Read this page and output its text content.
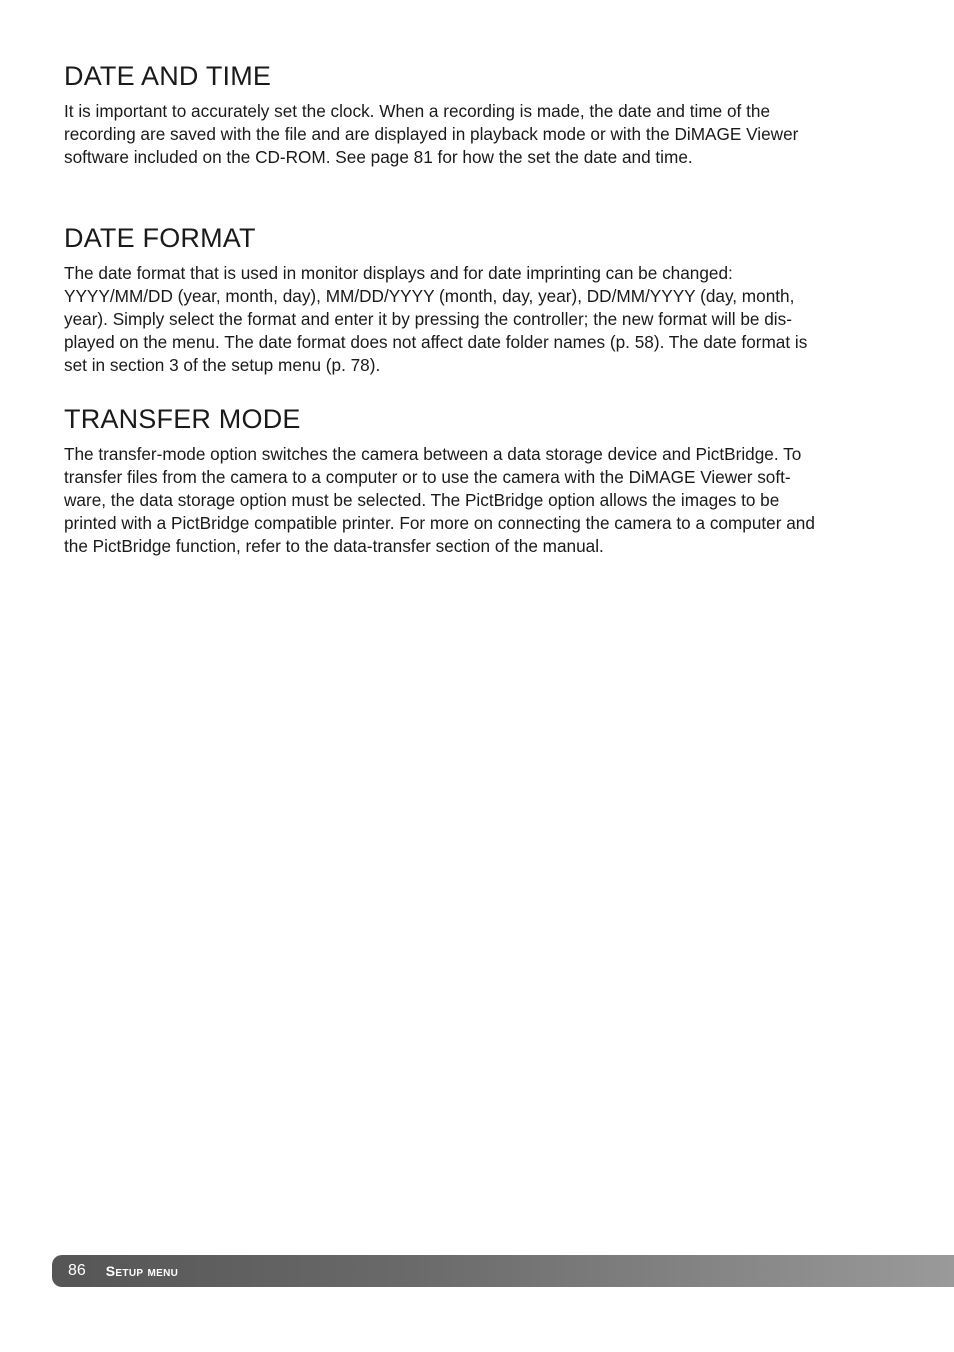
DATE AND TIME

It is important to accurately set the clock. When a recording is made, the date and time of the
recording are saved with the file and are displayed in playback mode or with the DiMAGE Viewer
software included on the CD-ROM. See page 81 for how the set the date and time.

DATE FORMAT

The date format that is used in monitor displays and for date imprinting can be changed:
YYYY/MM/DD (year, month, day), MM/DD/YYYY (month, day, year), DD/MM/YYYY (day, month,
year). Simply select the format and enter it by pressing the controller; the new format will be dis-
played on the menu. The date format does not affect date folder names (p. 58). The date format is
set in section 3 of the setup menu (p. 78).

TRANSFER MODE

The transfer-mode option switches the camera between a data storage device and PictBridge. To
transfer files from the camera to a computer or to use the camera with the DiMAGE Viewer soft-
ware, the data storage option must be selected. The PictBridge option allows the images to be
printed with a PictBridge compatible printer. For more on connecting the camera to a computer and
the PictBridge function, refer to the data-transfer section of the manual.

86 Setup menu
